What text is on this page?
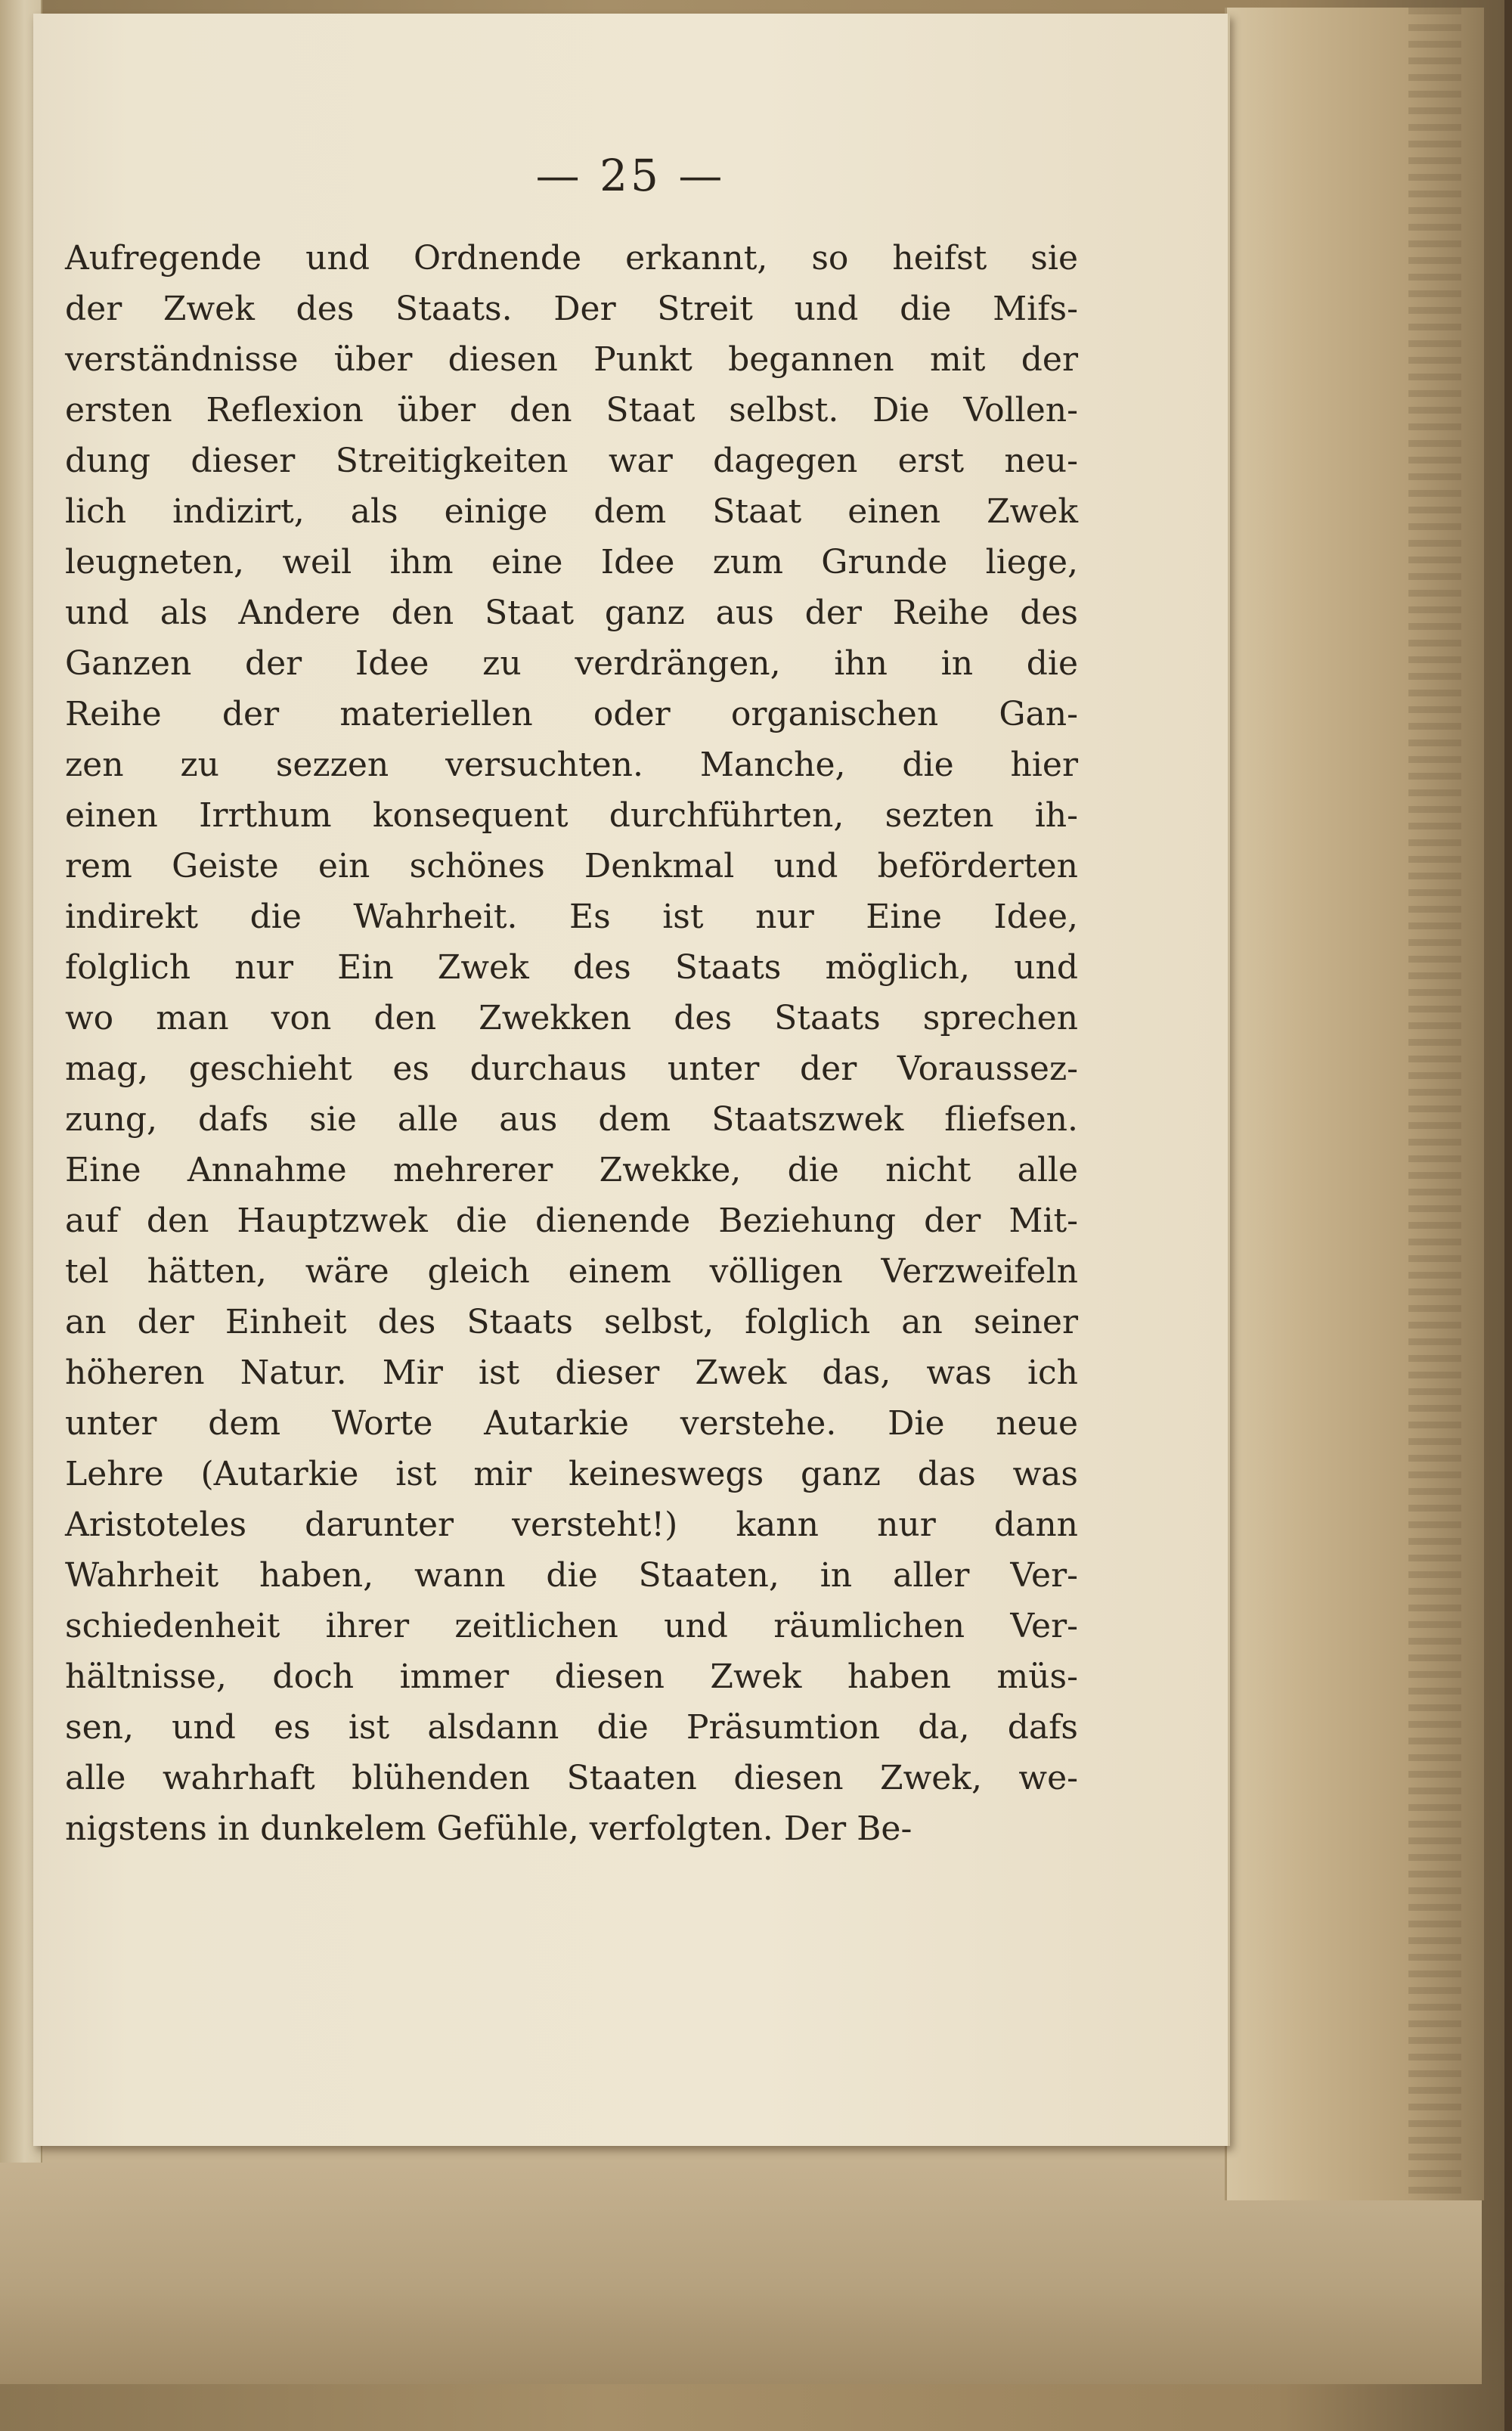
— 25 —
Aufregende und Ordnende erkannt, so heifst sie
der Zwek des Staats. Der Streit und die Mifs-
verständnisse über diesen Punkt begannen mit der
ersten Reflexion über den Staat selbst. Die Vollen-
dung dieser Streitigkeiten war dagegen erst neu-
lich indizirt, als einige dem Staat einen Zwek
leugneten, weil ihm eine Idee zum Grunde liege,
und als Andere den Staat ganz aus der Reihe des
Ganzen der Idee zu verdrängen, ihn in die
Reihe der materiellen oder organischen Gan-
zen zu sezzen versuchten. Manche, die hier
einen Irrthum konsequent durchführten, sezten ih-
rem Geiste ein schönes Denkmal und beförderten
indirekt die Wahrheit. Es ist nur Eine Idee,
folglich nur Ein Zwek des Staats möglich, und
wo man von den Zwekken des Staats sprechen
mag, geschieht es durchaus unter der Voraussez-
zung, dafs sie alle aus dem Staatszwek fliefsen.
Eine Annahme mehrerer Zwekke, die nicht alle
auf den Hauptzwek die dienende Beziehung der Mit-
tel hätten, wäre gleich einem völligen Verzweifeln
an der Einheit des Staats selbst, folglich an seiner
höheren Natur. Mir ist dieser Zwek das, was ich
unter dem Worte Autarkie verstehe. Die neue
Lehre (Autarkie ist mir keineswegs ganz das was
Aristoteles darunter versteht!) kann nur dann
Wahrheit haben, wann die Staaten, in aller Ver-
schiedenheit ihrer zeitlichen und räumlichen Ver-
hältnisse, doch immer diesen Zwek haben müs-
sen, und es ist alsdann die Präsumtion da, dafs
alle wahrhaft blühenden Staaten diesen Zwek, we-
nigstens in dunkelem Gefühle, verfolgten. Der Be-
